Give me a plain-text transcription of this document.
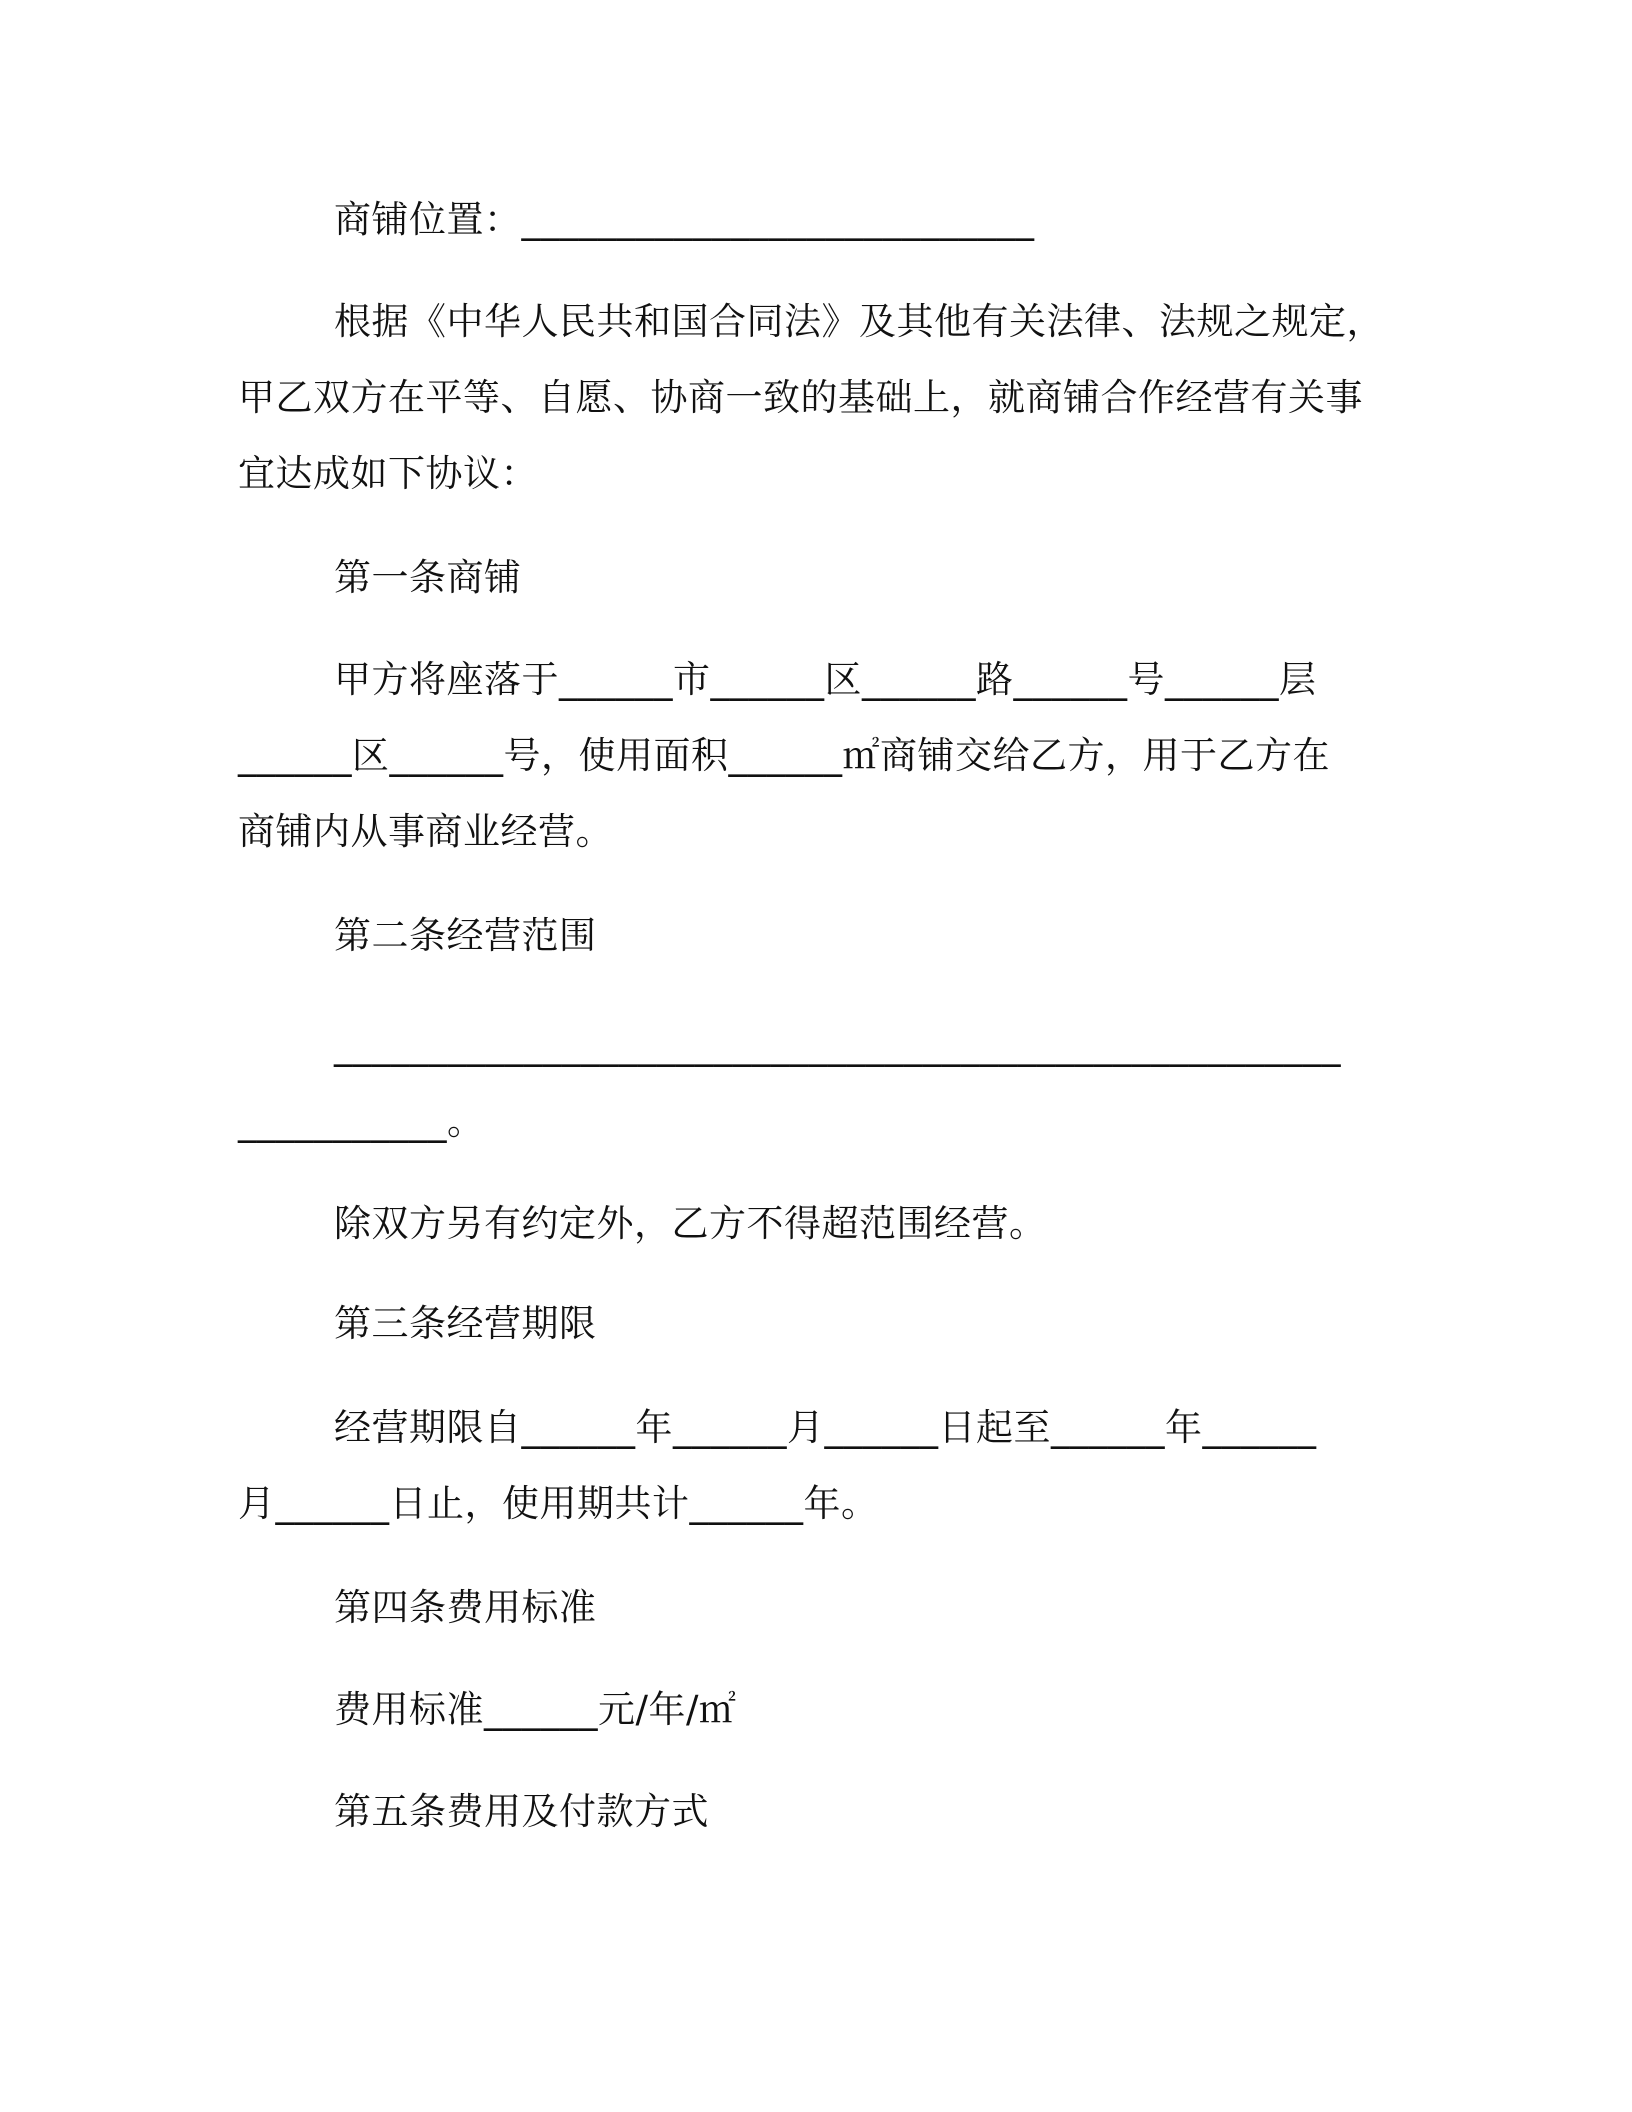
商铺位置：___________________________
根据《中华人民共和国合同法》及其他有关法律、法规之规定，
甲乙双方在平等、自愿、协商一致的基础上，就商铺合作经营有关事
宜达成如下协议：
第一条商铺
甲方将座落于______市______区______路______号______层
______区______号，使用面积______㎡商铺交给乙方，用于乙方在
商铺内从事商业经营。
第二条经营范围
_____________________________________________________
___________。
除双方另有约定外，乙方不得超范围经营。
第三条经营期限
经营期限自______年______月______日起至______年______
月______日止，使用期共计______年。
第四条费用标准
费用标准______元/年/㎡
第五条费用及付款方式
